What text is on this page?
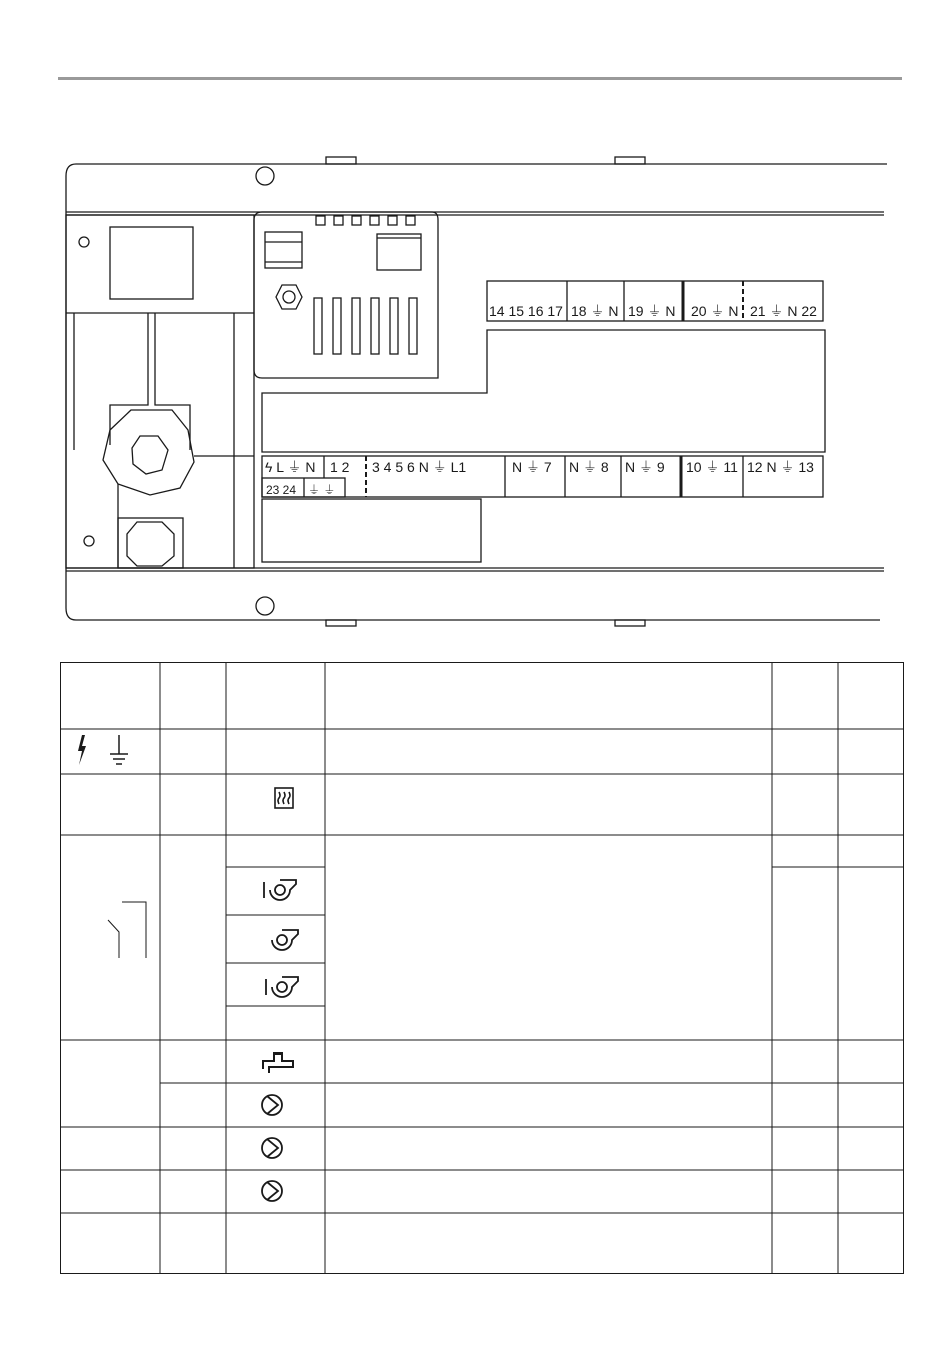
14 15 16 17 18 ⏚ N 19 ⏚ N 20 ⏚ N 21 ⏚ N 22
ϟ L ⏚ N 1 2 3 4 5 6 N ⏚ L1	N ⏚ 7 N ⏚ 8 N ⏚ 9 10 ⏚ 11 12 N ⏚ 13
23 24 ⏚ ⏚
